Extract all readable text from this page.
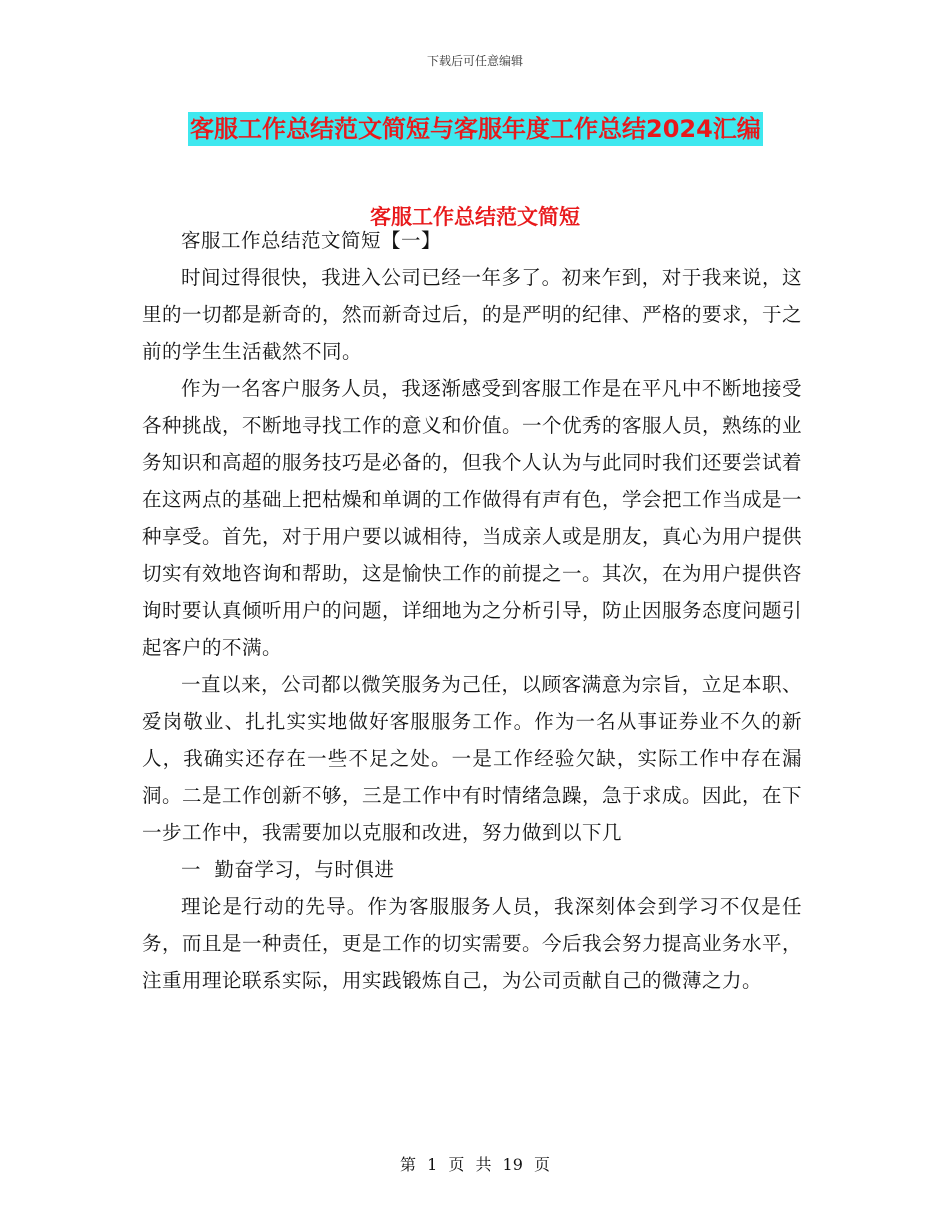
下载后可任意编辑
客服工作总结范文简短与客服年度工作总结2024汇编
客服工作总结范文简短

客服工作总结范文简短【一】

时间过得很快，我进入公司已经一年多了。初来乍到，对于我来说，这里的一切都是新奇的，然而新奇过后，的是严明的纪律、严格的要求，于之前的学生生活截然不同。

作为一名客户服务人员，我逐渐感受到客服工作是在平凡中不断地接受各种挑战，不断地寻找工作的意义和价值。一个优秀的客服人员，熟练的业务知识和高超的服务技巧是必备的，但我个人认为与此同时我们还要尝试着在这两点的基础上把枯燥和单调的工作做得有声有色，学会把工作当成是一种享受。首先，对于用户要以诚相待，当成亲人或是朋友，真心为用户提供切实有效地咨询和帮助，这是愉快工作的前提之一。其次，在为用户提供咨询时要认真倾听用户的问题，详细地为之分析引导，防止因服务态度问题引起客户的不满。

一直以来，公司都以微笑服务为己任，以顾客满意为宗旨，立足本职、爱岗敬业、扎扎实实地做好客服服务工作。作为一名从事证券业不久的新人，我确实还存在一些不足之处。一是工作经验欠缺，实际工作中存在漏洞。二是工作创新不够，三是工作中有时情绪急躁，急于求成。因此，在下一步工作中，我需要加以克服和改进，努力做到以下几

一  勤奋学习，与时俱进

理论是行动的先导。作为客服服务人员，我深刻体会到学习不仅是任务，而且是一种责任，更是工作的切实需要。今后我会努力提高业务水平，注重用理论联系实际，用实践锻炼自己，为公司贡献自己的微薄之力。

第 1 页 共 19 页
